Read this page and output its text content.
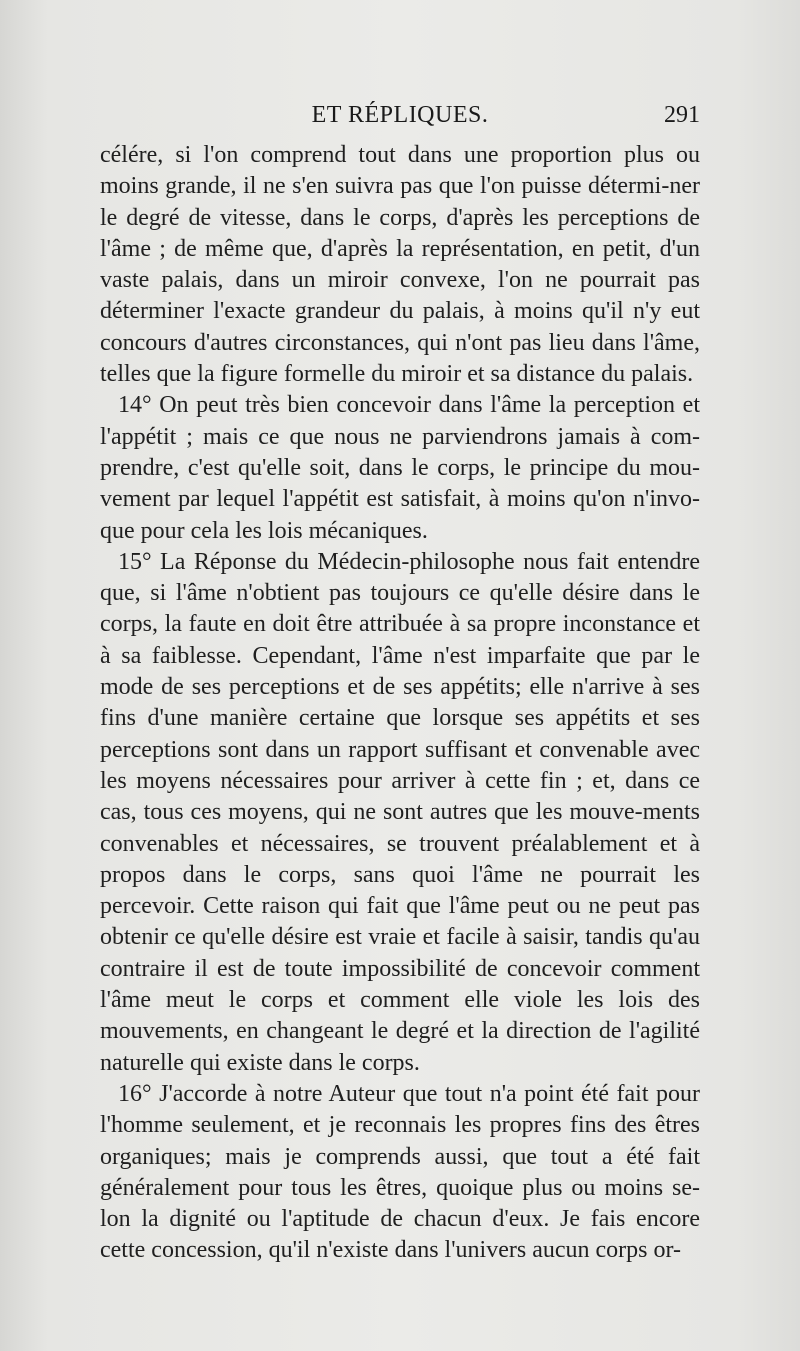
ET RÉPLIQUES.	291

célére, si l'on comprend tout dans une proportion plus ou moins grande, il ne s'en suivra pas que l'on puisse détermi-ner le degré de vitesse, dans le corps, d'après les perceptions de l'âme ; de même que, d'après la représentation, en petit, d'un vaste palais, dans un miroir convexe, l'on ne pourrait pas déterminer l'exacte grandeur du palais, à moins qu'il n'y eut concours d'autres circonstances, qui n'ont pas lieu dans l'âme, telles que la figure formelle du miroir et sa distance du palais.

14° On peut très bien concevoir dans l'âme la perception et l'appétit ; mais ce que nous ne parviendrons jamais à com-prendre, c'est qu'elle soit, dans le corps, le principe du mou-vement par lequel l'appétit est satisfait, à moins qu'on n'invo-que pour cela les lois mécaniques.

15° La Réponse du Médecin-philosophe nous fait entendre que, si l'âme n'obtient pas toujours ce qu'elle désire dans le corps, la faute en doit être attribuée à sa propre inconstance et à sa faiblesse. Cependant, l'âme n'est imparfaite que par le mode de ses perceptions et de ses appétits; elle n'arrive à ses fins d'une manière certaine que lorsque ses appétits et ses perceptions sont dans un rapport suffisant et convenable avec les moyens nécessaires pour arriver à cette fin ; et, dans ce cas, tous ces moyens, qui ne sont autres que les mouve-ments convenables et nécessaires, se trouvent préalablement et à propos dans le corps, sans quoi l'âme ne pourrait les percevoir. Cette raison qui fait que l'âme peut ou ne peut pas obtenir ce qu'elle désire est vraie et facile à saisir, tandis qu'au contraire il est de toute impossibilité de concevoir comment l'âme meut le corps et comment elle viole les lois des mouvements, en changeant le degré et la direction de l'agilité naturelle qui existe dans le corps.

16° J'accorde à notre Auteur que tout n'a point été fait pour l'homme seulement, et je reconnais les propres fins des êtres organiques; mais je comprends aussi, que tout a été fait généralement pour tous les êtres, quoique plus ou moins se-lon la dignité ou l'aptitude de chacun d'eux. Je fais encore cette concession, qu'il n'existe dans l'univers aucun corps or-
